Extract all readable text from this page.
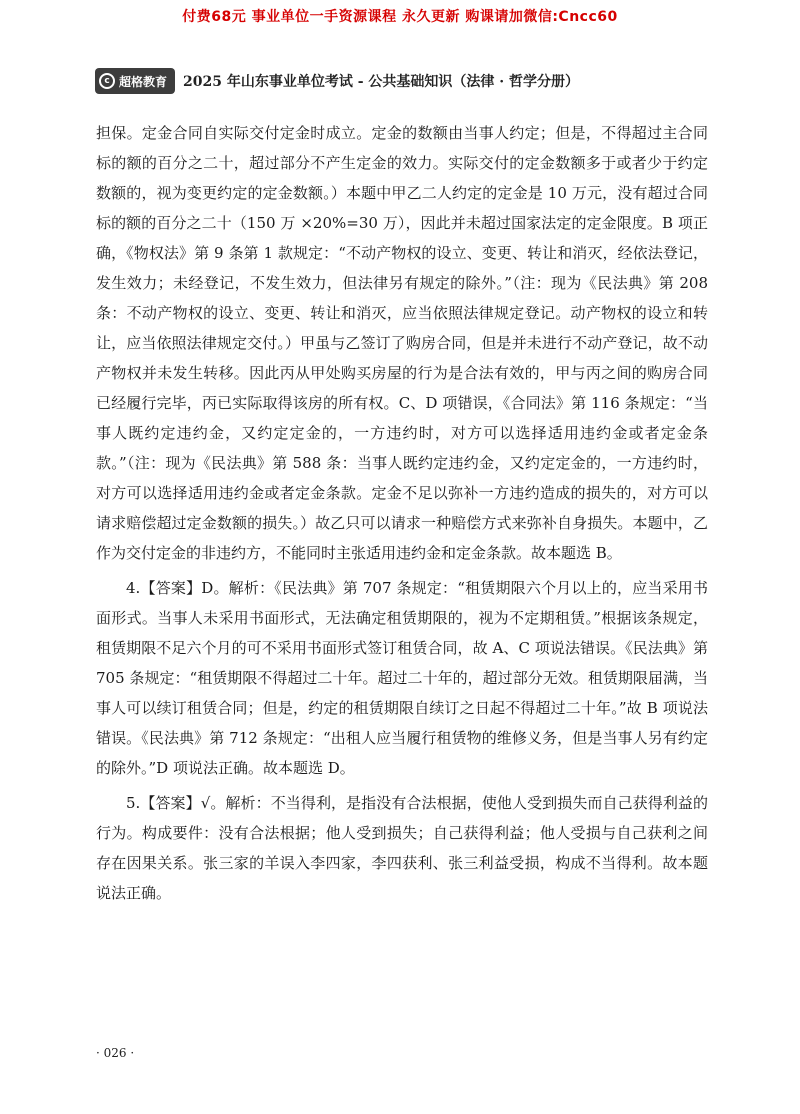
付费68元 事业单位一手资源课程 永久更新 购课请加微信:Cncc60
c 超格教育 2025 年山东事业单位考试 - 公共基础知识（法律 · 哲学分册）

担保。定金合同自实际交付定金时成立。定金的数额由当事人约定；但是，不得超过主合同标的额的百分之二十，超过部分不产生定金的效力。实际交付的定金数额多于或者少于约定数额的，视为变更约定的定金数额。）本题中甲乙二人约定的定金是 10 万元，没有超过合同标的额的百分之二十（150 万 ×20%=30 万），因此并未超过国家法定的定金限度。B 项正确，《物权法》第 9 条第 1 款规定：“不动产物权的设立、变更、转让和消灭，经依法登记，发生效力；未经登记，不发生效力，但法律另有规定的除外。”（注：现为《民法典》第 208 条：不动产物权的设立、变更、转让和消灭，应当依照法律规定登记。动产物权的设立和转让，应当依照法律规定交付。）甲虽与乙签订了购房合同，但是并未进行不动产登记，故不动产物权并未发生转移。因此丙从甲处购买房屋的行为是合法有效的，甲与丙之间的购房合同已经履行完毕，丙已实际取得该房的所有权。C、D 项错误，《合同法》第 116 条规定：“当事人既约定违约金，又约定定金的，一方违约时，对方可以选择适用违约金或者定金条款。”（注：现为《民法典》第 588 条：当事人既约定违约金，又约定定金的，一方违约时，对方可以选择适用违约金或者定金条款。定金不足以弥补一方违约造成的损失的，对方可以请求赔偿超过定金数额的损失。）故乙只可以请求一种赔偿方式来弥补自身损失。本题中，乙作为交付定金的非违约方，不能同时主张适用违约金和定金条款。故本题选 B。

4.【答案】D。解析：《民法典》第 707 条规定：“租赁期限六个月以上的，应当采用书面形式。当事人未采用书面形式，无法确定租赁期限的，视为不定期租赁。”根据该条规定，租赁期限不足六个月的可不采用书面形式签订租赁合同，故 A、C 项说法错误。《民法典》第 705 条规定：“租赁期限不得超过二十年。超过二十年的，超过部分无效。租赁期限届满，当事人可以续订租赁合同；但是，约定的租赁期限自续订之日起不得超过二十年。”故 B 项说法错误。《民法典》第 712 条规定：“出租人应当履行租赁物的维修义务，但是当事人另有约定的除外。”D 项说法正确。故本题选 D。

5.【答案】√。解析：不当得利，是指没有合法根据，使他人受到损失而自己获得利益的行为。构成要件：没有合法根据；他人受到损失；自己获得利益；他人受损与自己获利之间存在因果关系。张三家的羊误入李四家，李四获利、张三利益受损，构成不当得利。故本题说法正确。

· 026 ·
